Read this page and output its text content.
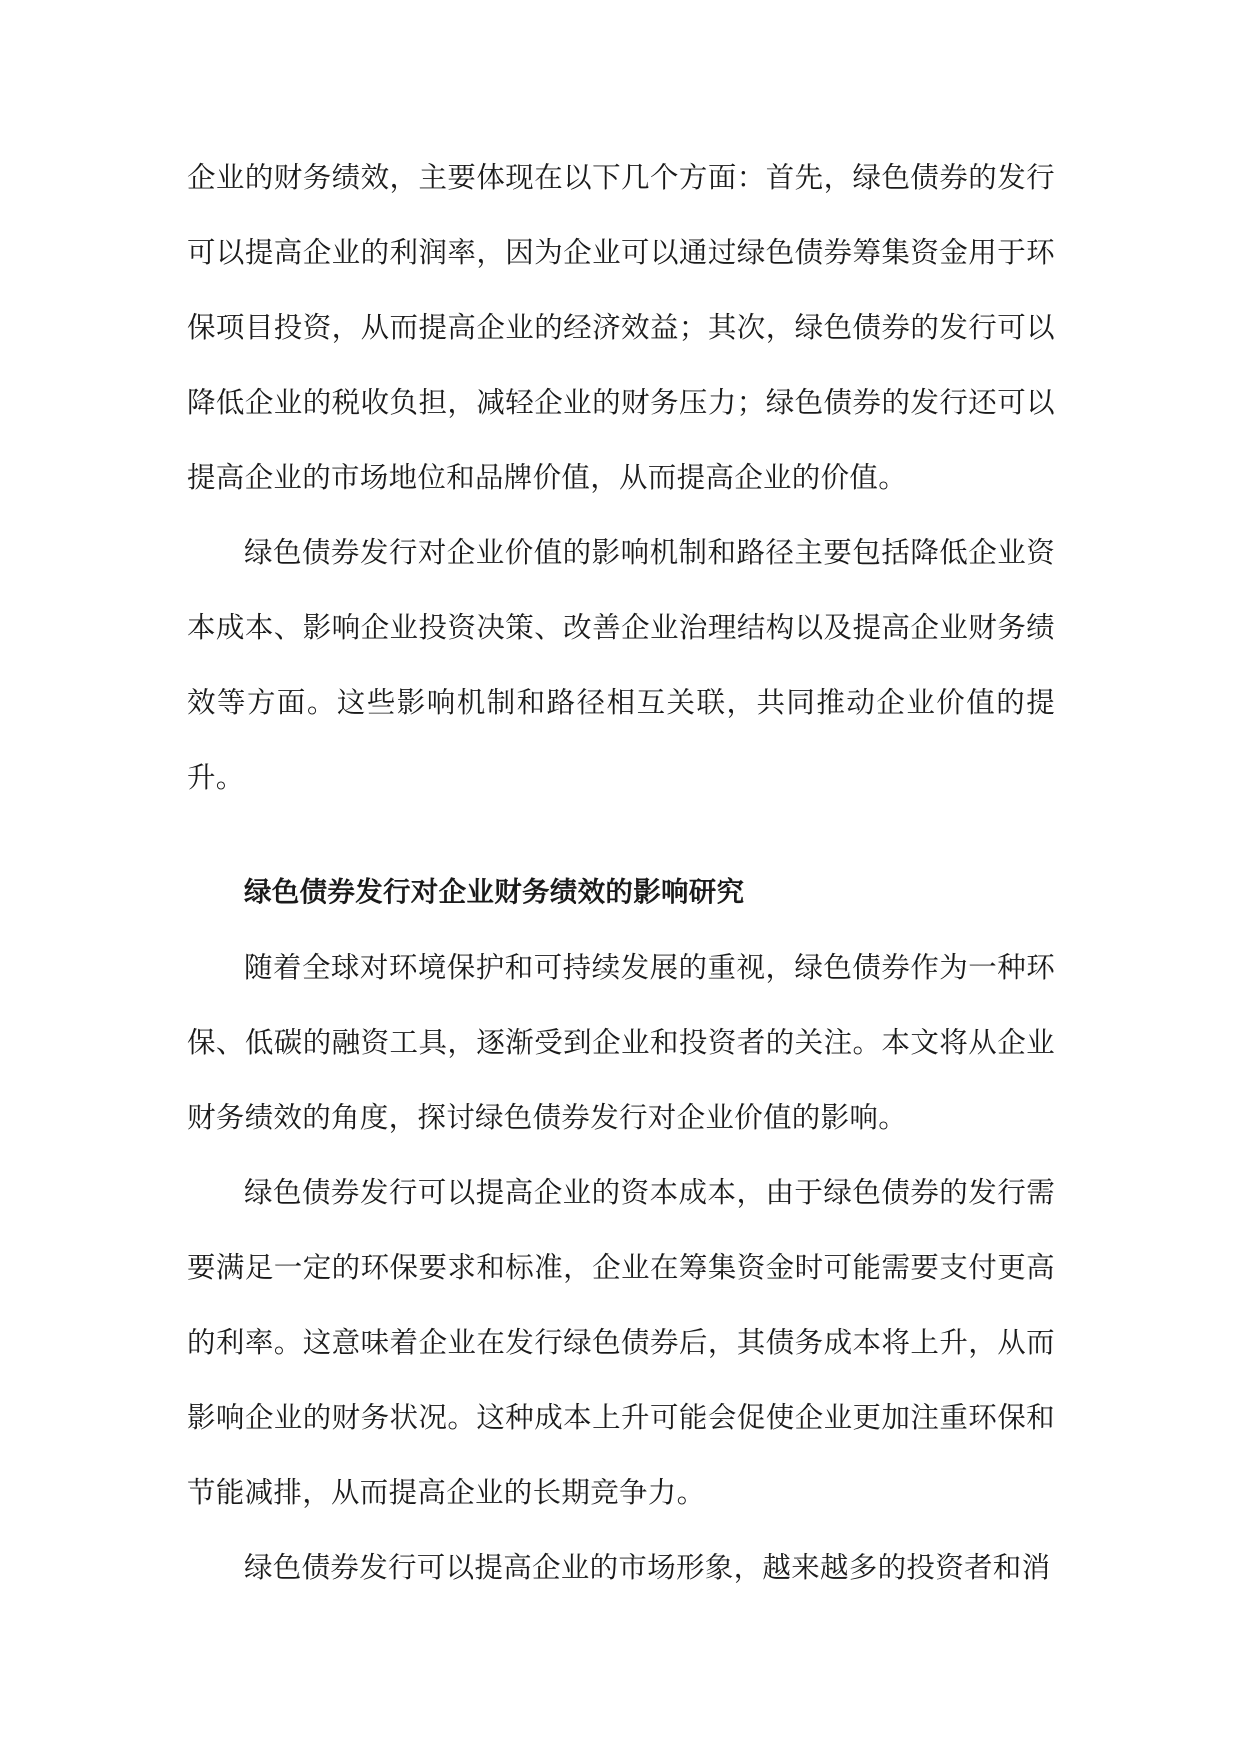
企业的财务绩效，主要体现在以下几个方面：首先，绿色债券的发行可以提高企业的利润率，因为企业可以通过绿色债券筹集资金用于环保项目投资，从而提高企业的经济效益；其次，绿色债券的发行可以降低企业的税收负担，减轻企业的财务压力；绿色债券的发行还可以提高企业的市场地位和品牌价值，从而提高企业的价值。

绿色债券发行对企业价值的影响机制和路径主要包括降低企业资本成本、影响企业投资决策、改善企业治理结构以及提高企业财务绩效等方面。这些影响机制和路径相互关联，共同推动企业价值的提升。

绿色债券发行对企业财务绩效的影响研究

随着全球对环境保护和可持续发展的重视，绿色债券作为一种环保、低碳的融资工具，逐渐受到企业和投资者的关注。本文将从企业财务绩效的角度，探讨绿色债券发行对企业价值的影响。

绿色债券发行可以提高企业的资本成本，由于绿色债券的发行需要满足一定的环保要求和标准，企业在筹集资金时可能需要支付更高的利率。这意味着企业在发行绿色债券后，其债务成本将上升，从而影响企业的财务状况。这种成本上升可能会促使企业更加注重环保和节能减排，从而提高企业的长期竞争力。

绿色债券发行可以提高企业的市场形象，越来越多的投资者和消
